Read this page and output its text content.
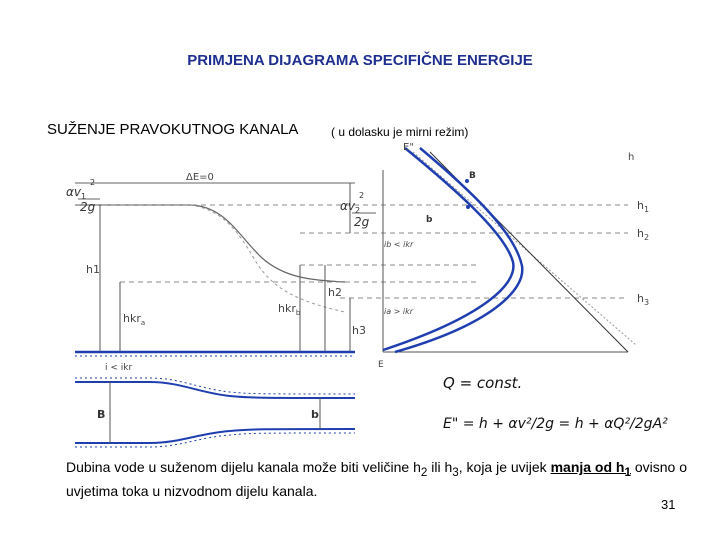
PRIMJENA DIJAGRAMA SPECIFIČNE ENERGIJE
SUŽENJE PRAVOKUTNOG KANALA	( u dolasku je mirni režim)
ΔE=0
$\alpha v_1$
2
2g	$\alpha v_2$
2
2g
h1
hkr$_a$
hkr$_b$
h2
h3
i < ikr
B	b
E"
B
b
ib < ikr
ia > ikr
h
E
$h_1$
$h_2$
$h_3$
Q = const.
E" = h + αv²/2g = h + αQ²/2gA²
Dubina vode u suženom dijelu kanala može biti veličine $h_2$ ili $h_3$, koja je uvijek manja od $h_1$ ovisno o uvjetima toka u nizvodnom dijelu kanala.
31
